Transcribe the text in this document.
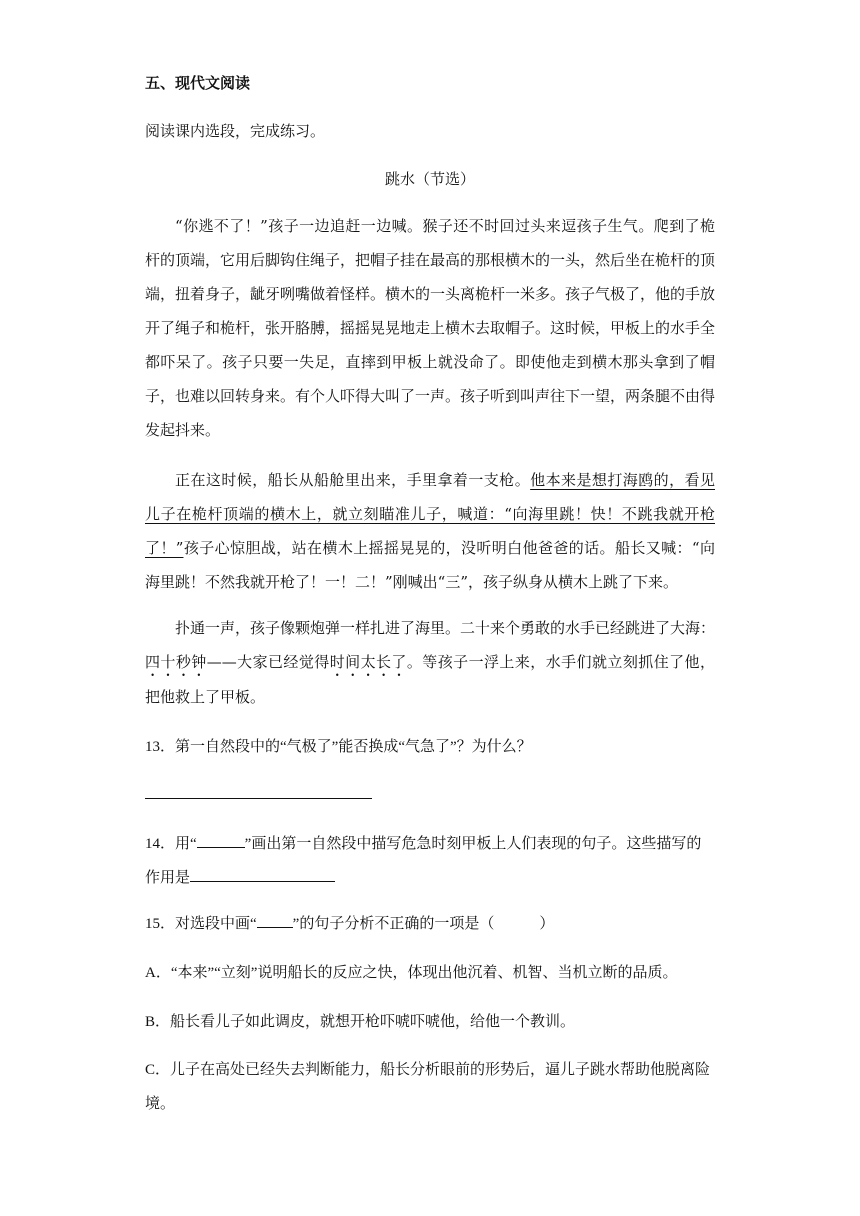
五、现代文阅读
阅读课内选段，完成练习。
跳水（节选）

“你逃不了！”孩子一边追赶一边喊。猴子还不时回过头来逗孩子生气。爬到了桅杆的顶端，它用后脚钩住绳子，把帽子挂在最高的那根横木的一头，然后坐在桅杆的顶端，扭着身子，龇牙咧嘴做着怪样。横木的一头离桅杆一米多。孩子气极了，他的手放开了绳子和桅杆，张开胳膊，摇摇晃晃地走上横木去取帽子。这时候，甲板上的水手全都吓呆了。孩子只要一失足，直摔到甲板上就没命了。即使他走到横木那头拿到了帽子，也难以回转身来。有个人吓得大叫了一声。孩子听到叫声往下一望，两条腿不由得发起抖来。

正在这时候，船长从船舱里出来，手里拿着一支枪。他本来是想打海鸥的，看见儿子在桅杆顶端的横木上，就立刻瞄准儿子，喊道：“向海里跳！快！不跳我就开枪了！”孩子心惊胆战，站在横木上摇摇晃晃的，没听明白他爸爸的话。船长又喊：“向海里跳！不然我就开枪了！一！二！”刚喊出“三”，孩子纵身从横木上跳了下来。

扑通一声，孩子像颗炮弹一样扎进了海里。二十来个勇敢的水手已经跳进了大海：四十秒钟——大家已经觉得时间太长了。等孩子一浮上来，水手们就立刻抓住了他，把他救上了甲板。

13．第一自然段中的“气极了”能否换成“气急了”？为什么？
14．用“	”画出第一自然段中描写危急时刻甲板上人们表现的句子。这些描写的作用是
15．对选段中画“ ”的句子分析不正确的一项是（　　　）
A．“本来”“立刻”说明船长的反应之快，体现出他沉着、机智、当机立断的品质。
B．船长看儿子如此调皮，就想开枪吓唬吓唬他，给他一个教训。
C．儿子在高处已经失去判断能力，船长分析眼前的形势后，逼儿子跳水帮助他脱离险境。
